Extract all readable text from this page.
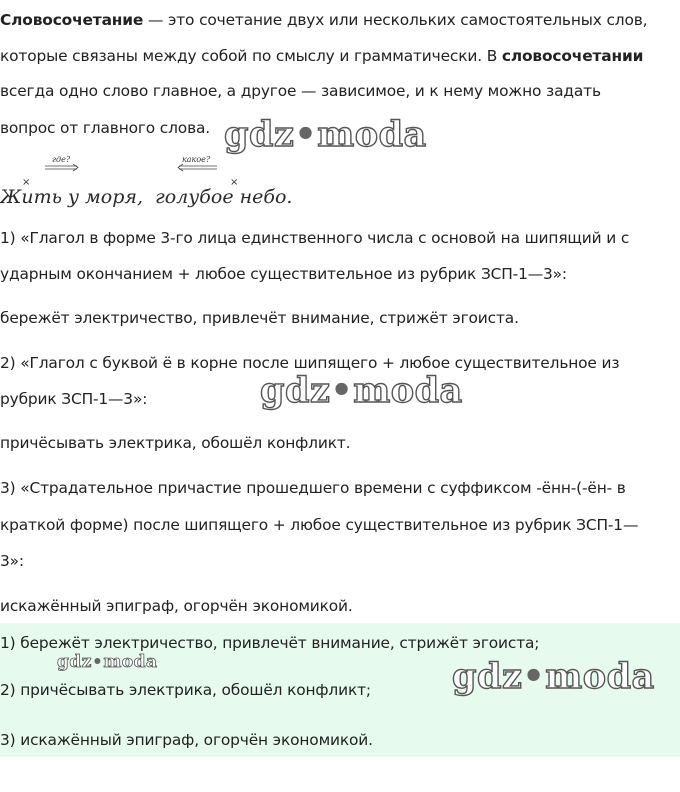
Словосочетание — это сочетание двух или нескольких самостоятельных слов,

которые связаны между собой по смыслу и грамматически. В словосочетании

всегда одно слово главное, а другое — зависимое, и к нему можно задать

вопрос от главного слова. gdz•moda
где?
×
какое?
×
Жить у моря, голубое небо.

1) «Глагол в форме 3-го лица единственного числа с основой на шипящий и с

ударным окончанием + любое существительное из рубрик ЗСП-1—3»:

бережёт электричество, привлечёт внимание, стрижёт эгоиста.

2) «Глагол с буквой ё в корне после шипящего + любое существительное из

рубрик ЗСП-1—3»:	gdz•moda

причёсывать электрика, обошёл конфликт.

3) «Страдательное причастие прошедшего времени с суффиксом -ённ-(-ён- в

краткой форме) после шипящего + любое существительное из рубрик ЗСП-1—

3»:

искажённый эпиграф, огорчён экономикой.

1) бережёт электричество, привлечёт внимание, стрижёт эгоиста;

gdz•moda

2) причёсывать электрика, обошёл конфликт;	gdz•moda

3) искажённый эпиграф, огорчён экономикой.
